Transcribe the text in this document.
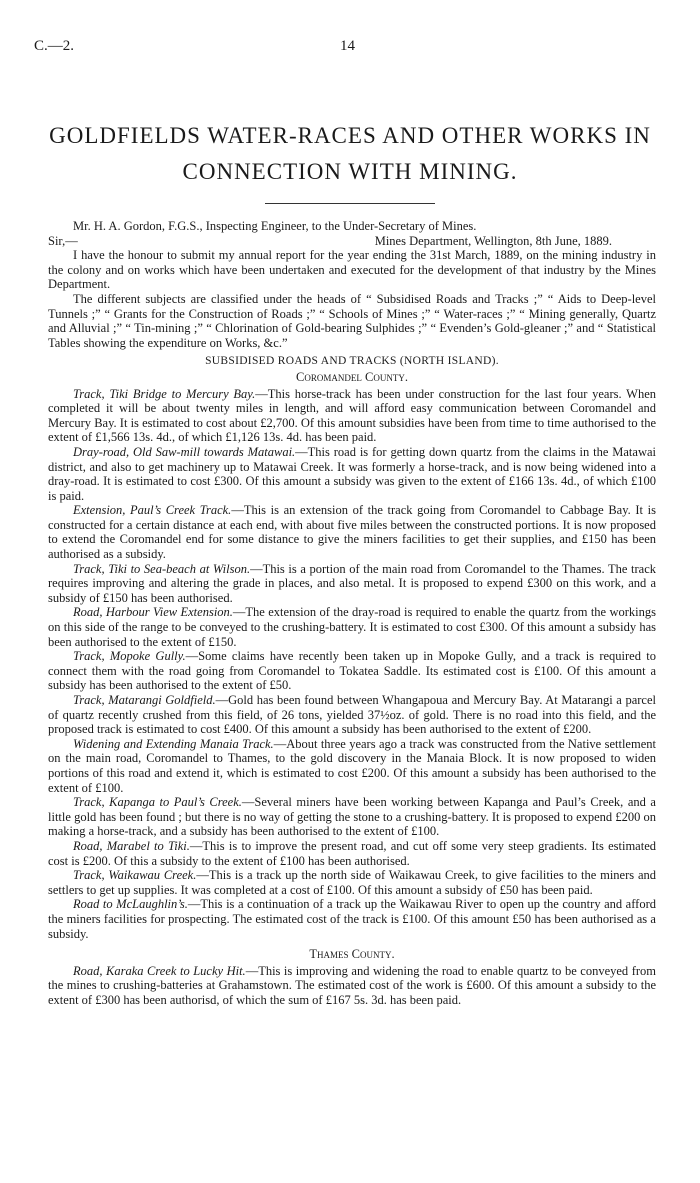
C.—2.	14
GOLDFIELDS WATER-RACES AND OTHER WORKS IN
CONNECTION WITH MINING.

Mr. H. A. Gordon, F.G.S., Inspecting Engineer, to the Under-Secretary of Mines.

Sir,—	Mines Department, Wellington, 8th June, 1889.

I have the honour to submit my annual report for the year ending the 31st March, 1889, on the mining industry in the colony and on works which have been undertaken and executed for the development of that industry by the Mines Department.

The different subjects are classified under the heads of “ Subsidised Roads and Tracks ;” “ Aids to Deep-level Tunnels ;” “ Grants for the Construction of Roads ;” “ Schools of Mines ;” “ Water-races ;” “ Mining generally, Quartz and Alluvial ;” “ Tin-mining ;” “ Chlorination of Gold-bearing Sulphides ;” “ Evenden’s Gold-gleaner ;” and “ Statistical Tables showing the expenditure on Works, &c.”

SUBSIDISED ROADS AND TRACKS (NORTH ISLAND).
Coromandel County.

Track, Tiki Bridge to Mercury Bay.—This horse-track has been under construction for the last four years. When completed it will be about twenty miles in length, and will afford easy communication between Coromandel and Mercury Bay. It is estimated to cost about £2,700. Of this amount subsidies have been from time to time authorised to the extent of £1,566 13s. 4d., of which £1,126 13s. 4d. has been paid.

Dray-road, Old Saw-mill towards Matawai.—This road is for getting down quartz from the claims in the Matawai district, and also to get machinery up to Matawai Creek. It was formerly a horse-track, and is now being widened into a dray-road. It is estimated to cost £300. Of this amount a subsidy was given to the extent of £166 13s. 4d., of which £100 is paid.

Extension, Paul’s Creek Track.—This is an extension of the track going from Coromandel to Cabbage Bay. It is constructed for a certain distance at each end, with about five miles between the constructed portions. It is now proposed to extend the Coromandel end for some distance to give the miners facilities to get their supplies, and £150 has been authorised as a subsidy.

Track, Tiki to Sea-beach at Wilson.—This is a portion of the main road from Coromandel to the Thames. The track requires improving and altering the grade in places, and also metal. It is proposed to expend £300 on this work, and a subsidy of £150 has been authorised.

Road, Harbour View Extension.—The extension of the dray-road is required to enable the quartz from the workings on this side of the range to be conveyed to the crushing-battery. It is estimated to cost £300. Of this amount a subsidy has been authorised to the extent of £150.

Track, Mopoke Gully.—Some claims have recently been taken up in Mopoke Gully, and a track is required to connect them with the road going from Coromandel to Tokatea Saddle. Its estimated cost is £100. Of this amount a subsidy has been authorised to the extent of £50.

Track, Matarangi Goldfield.—Gold has been found between Whangapoua and Mercury Bay. At Matarangi a parcel of quartz recently crushed from this field, of 26 tons, yielded 37½oz. of gold. There is no road into this field, and the proposed track is estimated to cost £400. Of this amount a subsidy has been authorised to the extent of £200.

Widening and Extending Manaia Track.—About three years ago a track was constructed from the Native settlement on the main road, Coromandel to Thames, to the gold discovery in the Manaia Block. It is now proposed to widen portions of this road and extend it, which is estimated to cost £200. Of this amount a subsidy has been authorised to the extent of £100.

Track, Kapanga to Paul’s Creek.—Several miners have been working between Kapanga and Paul’s Creek, and a little gold has been found ; but there is no way of getting the stone to a crushing-battery. It is proposed to expend £200 on making a horse-track, and a subsidy has been authorised to the extent of £100.

Road, Marabel to Tiki.—This is to improve the present road, and cut off some very steep gradients. Its estimated cost is £200. Of this a subsidy to the extent of £100 has been authorised.

Track, Waikawau Creek.—This is a track up the north side of Waikawau Creek, to give facilities to the miners and settlers to get up supplies. It was completed at a cost of £100. Of this amount a subsidy of £50 has been paid.

Road to McLaughlin’s.—This is a continuation of a track up the Waikawau River to open up the country and afford the miners facilities for prospecting. The estimated cost of the track is £100. Of this amount £50 has been authorised as a subsidy.

Thames County.

Road, Karaka Creek to Lucky Hit.—This is improving and widening the road to enable quartz to be conveyed from the mines to crushing-batteries at Grahamstown. The estimated cost of the work is £600. Of this amount a subsidy to the extent of £300 has been authorisd, of which the sum of £167 5s. 3d. has been paid.
